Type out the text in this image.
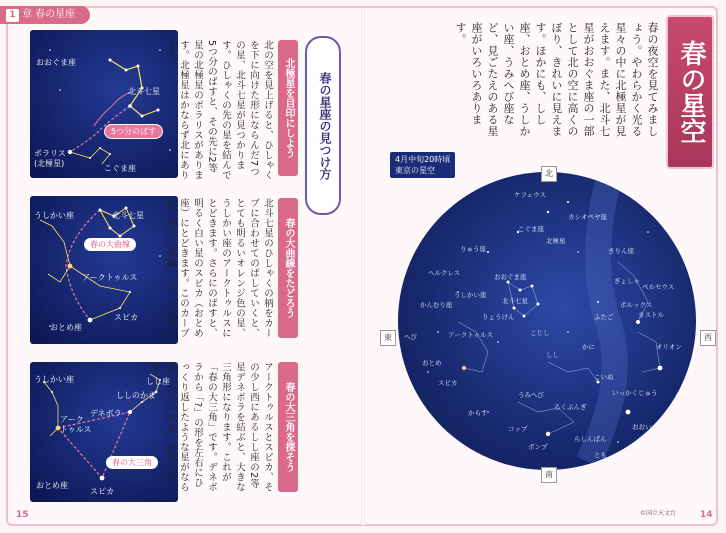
1 章 春の星座
おおぐま座
北斗七星
5つ分のばす
ポラリス
(北極星)
こぐま座
うしかい座	北斗七星
春の大曲線
アークトゥルス
スピカ
おとめ座
うしかい座	しし座
ししのかま
アーク
トゥルス
デネボラ
春の大三角
おとめ座
スピカ
北極星を目印にしよう
北の空を見上げると、ひしゃくを下に向けた形にならんだ7つの星、北斗七星が見つかります。ひしゃくの先の星を結んで5つ分のばすと、その先に2等星の北極星のポラリスがあります。北極星はかならず北にあります。
春の大曲線をたどろう
北斗七星のひしゃくの柄をカーブに合わせてのばしていくと、とても明るいオレンジ色の星、うしかい座のアークトゥルスにとどきます。さらにのばすと、明るく白い星のスピカ（おとめ座）にとどきます。このカーブを「春の大曲線」といいます。
春の大三角を探そう
アークトゥルスとスピカ、その少し西にあるしし座の2等星デネボラを結ぶと、大きな三角形になります。これが「春の大三角」です。デネボラから「?」の形を左右にひっくり返したような星がならぶ「ししのかま」があります。
春の星座の見つけ方	春の星空
春の夜空を見てみましょう。やわらかく光る星々の中に北極星が見えます。また、北斗七星がおおぐま座の一部として北の空に高くのぼり、きれいに見えます。ほかにも、しし座、おとめ座、うしかい座、うみへび座など、見ごたえのある星座がいろいろあります。
4月中旬20時頃
東京の星空
ケフェウス
カシオペヤ座
こぐま座
北極星
りゅう座	きりん座
ペルセウス
ヘルクレス
うしかい座
おおぐま座
北斗七星
かんむり座
ふたご
ぎょしゃ
りょうけん
かに
こじし
しし
アークトゥルス
ポルックス
カストル
オリオン
へび
おとめ
こいぬ
いっかくじゅう
スピカ
からす
うみへび
おおいぬ
コップ
ろくぶんぎ
ポンプ
らしんばん
とも
北
南
東	西
15	14
©国立天文台
